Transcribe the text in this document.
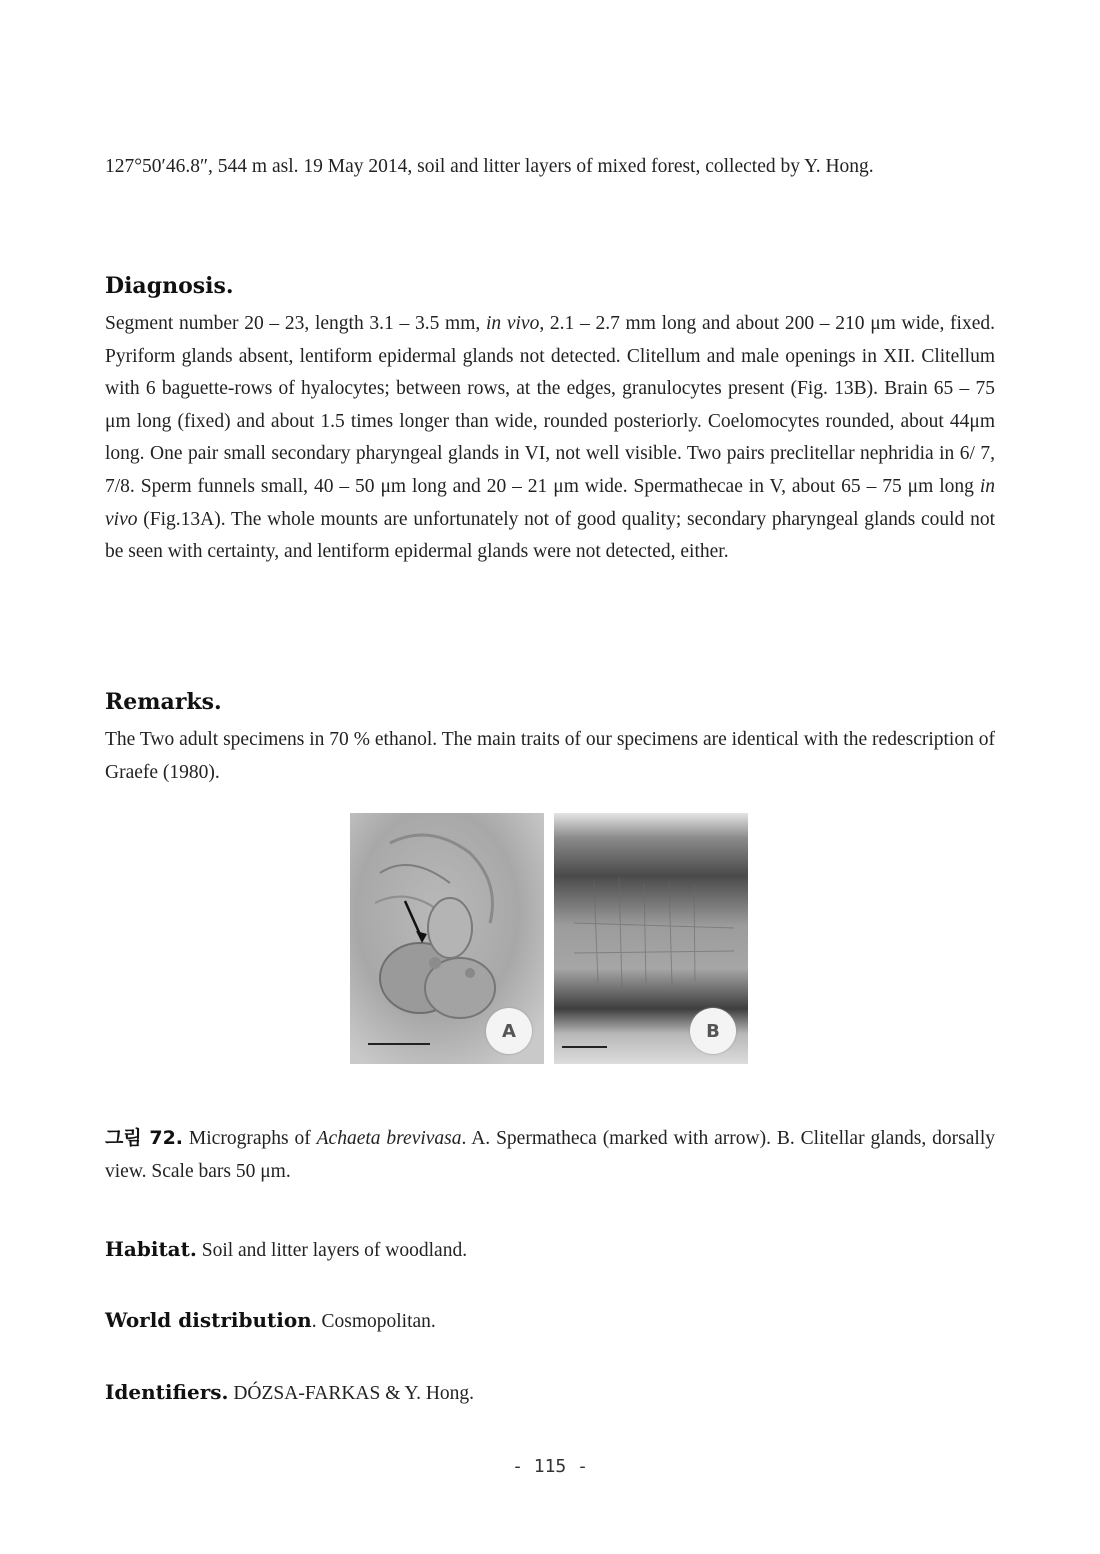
127°50′46.8″, 544 m asl. 19 May 2014, soil and litter layers of mixed forest, collected by Y. Hong.

Diagnosis.

Segment number 20 – 23, length 3.1 – 3.5 mm, in vivo, 2.1 – 2.7 mm long and about 200 – 210 μm wide, fixed. Pyriform glands absent, lentiform epidermal glands not detected. Clitellum and male openings in XII. Clitellum with 6 baguette-rows of hyalocytes; between rows, at the edges, granulocytes present (Fig. 13B). Brain 65 – 75 μm long (fixed) and about 1.5 times longer than wide, rounded posteriorly. Coelomocytes rounded, about 44μm long. One pair small secondary pharyngeal glands in VI, not well visible. Two pairs preclitellar nephridia in 6/ 7, 7/8. Sperm funnels small, 40 – 50 μm long and 20 – 21 μm wide. Spermathecae in V, about 65 – 75 μm long in vivo (Fig.13A). The whole mounts are unfortunately not of good quality; secondary pharyngeal glands could not be seen with certainty, and lentiform epidermal glands were not detected, either.

Remarks.

The Two adult specimens in 70 % ethanol. The main traits of our specimens are identical with the redescription of Graefe (1980).

A	B

그림 72. Micrographs of Achaeta brevivasa. A. Spermatheca (marked with arrow). B. Clitellar glands, dorsally view. Scale bars 50 μm.

Habitat. Soil and litter layers of woodland.
World distribution. Cosmopolitan.
Identifiers. DÓZSA-FARKAS & Y. Hong.
- 115 -
